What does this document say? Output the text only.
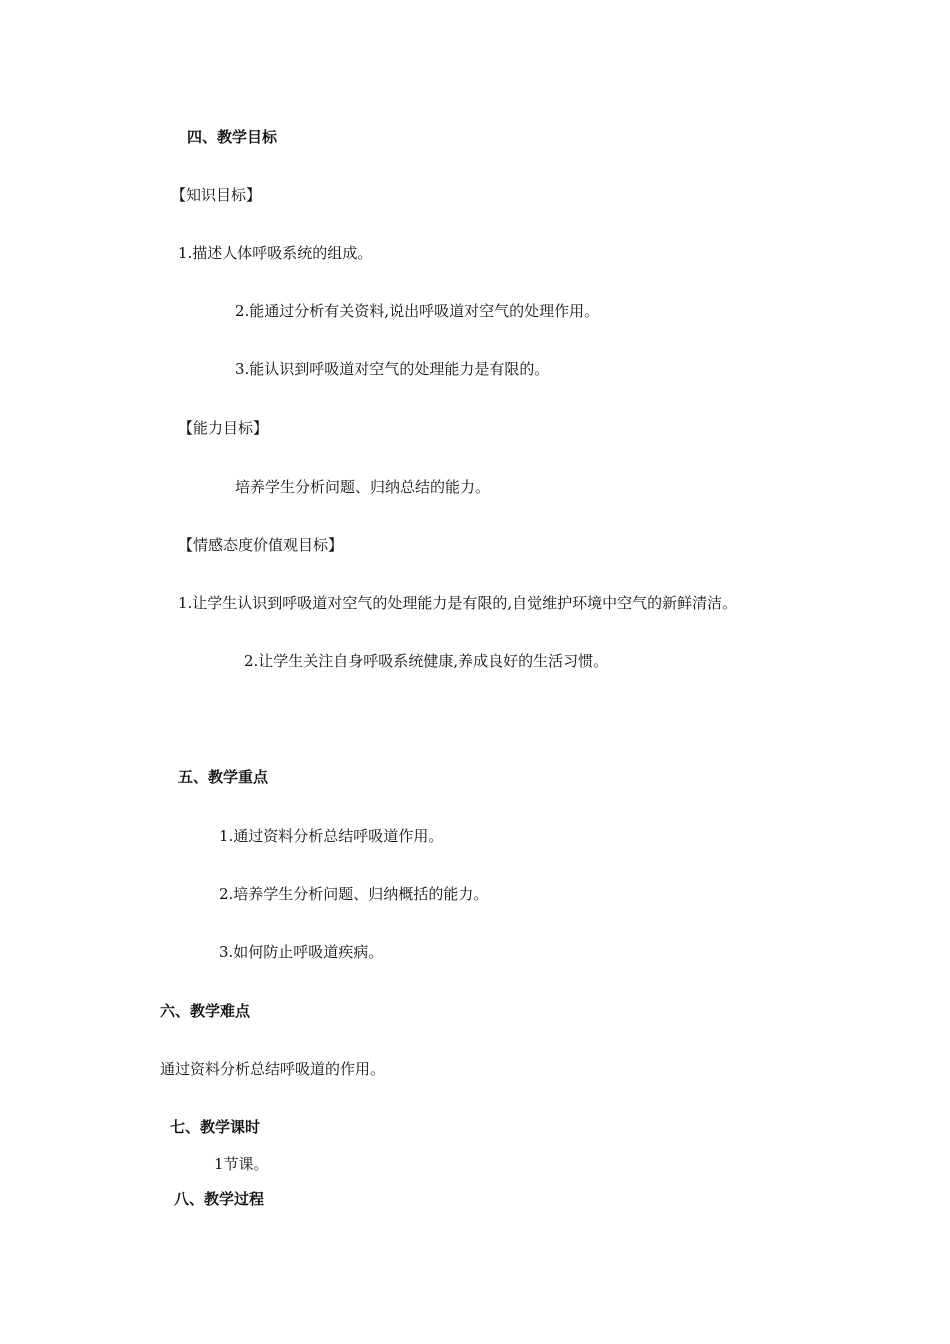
四、教学目标
【知识目标】
1.描述人体呼吸系统的组成。
2.能通过分析有关资料,说出呼吸道对空气的处理作用。
3.能认识到呼吸道对空气的处理能力是有限的。
【能力目标】
培养学生分析问题、归纳总结的能力。
【情感态度价值观目标】
1.让学生认识到呼吸道对空气的处理能力是有限的,自觉维护环境中空气的新鲜清洁。
2.让学生关注自身呼吸系统健康,养成良好的生活习惯。
五、教学重点
1.通过资料分析总结呼吸道作用。
2.培养学生分析问题、归纳概括的能力。
3.如何防止呼吸道疾病。
六、教学难点
通过资料分析总结呼吸道的作用。
七、教学课时
1节课。
八、教学过程
